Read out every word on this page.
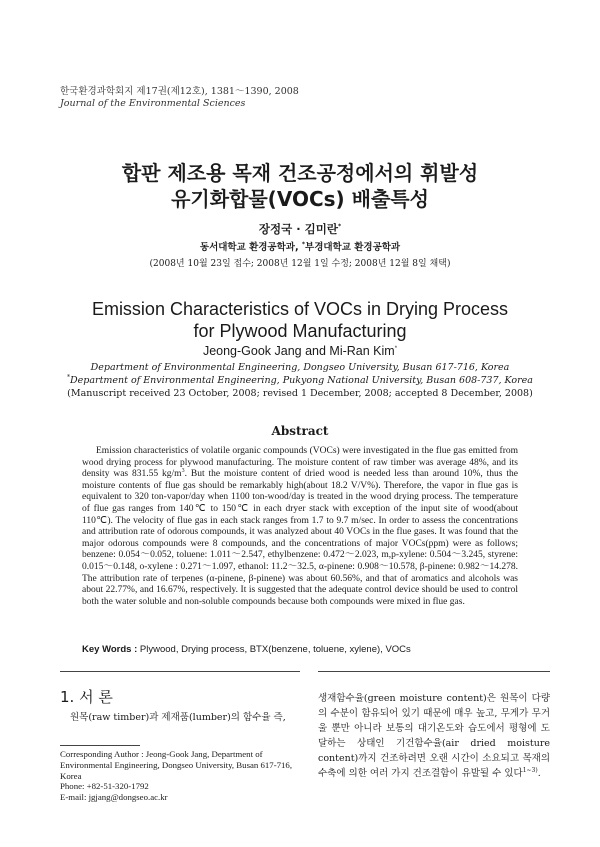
한국환경과학회지 제17권(제12호), 1381～1390, 2008
Journal of the Environmental Sciences
합판 제조용 목재 건조공정에서의 휘발성
유기화합물(VOCs) 배출특성
장정국 · 김미란*
동서대학교 환경공학과, *부경대학교 환경공학과
(2008년 10월 23일 접수; 2008년 12월 1일 수정; 2008년 12월 8일 채택)
Emission Characteristics of VOCs in Drying Process
for Plywood Manufacturing
Jeong-Gook Jang and Mi-Ran Kim*
Department of Environmental Engineering, Dongseo University, Busan 617-716, Korea
*Department of Environmental Engineering, Pukyong National University, Busan 608-737, Korea
(Manuscript received 23 October, 2008; revised 1 December, 2008; accepted 8 December, 2008)
Abstract

Emission characteristics of volatile organic compounds (VOCs) were investigated in the flue gas emitted from wood drying process for plywood manufacturing. The moisture content of raw timber was average 48%, and its density was 831.55 $kg/m^3$. But the moisture content of dried wood is needed less than around 10%, thus the moisture contents of flue gas should be remarkably high(about 18.2 V/V%). Therefore, the vapor in flue gas is equivalent to 320 ton-vapor/day when 1100 ton-wood/day is treated in the wood drying process. The temperature of flue gas ranges from 140℃ to 150℃ in each dryer stack with exception of the input site of wood(about 110℃). The velocity of flue gas in each stack ranges from 1.7 to 9.7 m/sec. In order to assess the concentrations and attribution rate of odorous compounds, it was analyzed about 40 VOCs in the flue gases. It was found that the major odorous compounds were 8 compounds, and the concentrations of major VOCs(ppm) were as follows; benzene: 0.054～0.052, toluene: 1.011～2.547, ethylbenzene: 0.472～2.023, m,p-xylene: 0.504～3.245, styrene: 0.015～0.148, o-xylene : 0.271～1.097, ethanol: 11.2～32.5, α-pinene: 0.908～10.578, β-pinene: 0.982～14.278. The attribution rate of terpenes (α-pinene, β-pinene) was about 60.56%, and that of aromatics and alcohols was about 22.77%, and 16.67%, respectively. It is suggested that the adequate control device should be used to control both the water soluble and non-soluble compounds because both compounds were mixed in flue gas.

Key Words : Plywood, Drying process, BTX(benzene, toluene, xylene), VOCs
1. 서 론

원목(raw timber)과 제재품(lumber)의 함수율 즉,

Corresponding Author : Jeong-Gook Jang, Department of Environmental Engineering, Dongseo University, Busan 617-716, Korea
Phone: +82-51-320-1792
E-mail: jgjang@dongseo.ac.kr

생재함수율(green moisture content)은 원목이 다량의 수분이 함유되어 있기 때문에 매우 높고, 무게가 무거울 뿐만 아니라 보통의 대기온도와 습도에서 평형에 도달하는 상태인 기건함수율(air dried moisture content)까지 건조하려면 오랜 시간이 소요되고 목재의 수축에 의한 여러 가지 건조결함이 유발될 수 있다$^{1\sim 3)}$.
